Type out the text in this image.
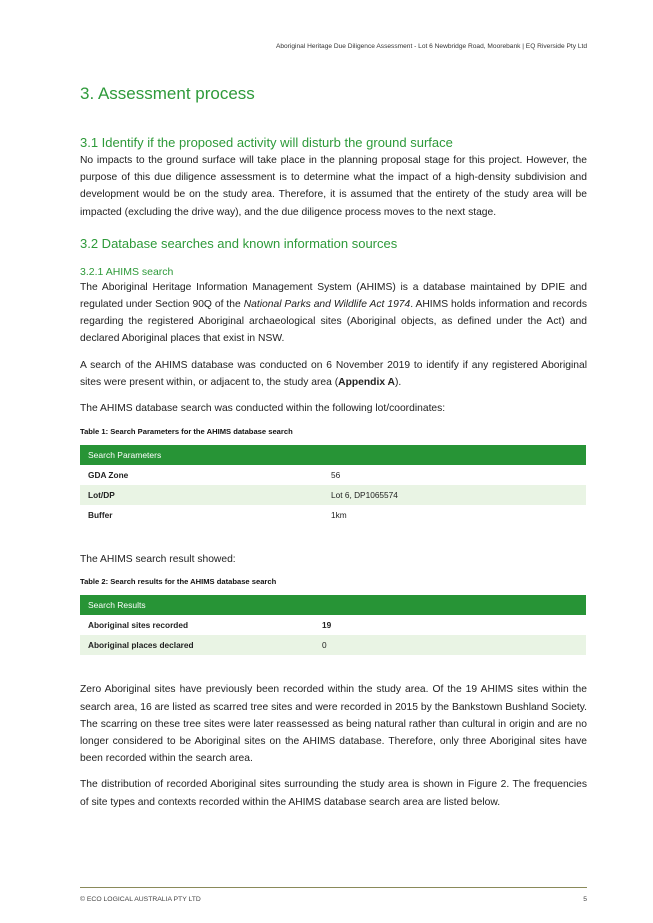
Aboriginal Heritage Due Diligence Assessment - Lot 6 Newbridge Road, Moorebank | EQ Riverside Pty Ltd
3. Assessment process
3.1 Identify if the proposed activity will disturb the ground surface

No impacts to the ground surface will take place in the planning proposal stage for this project. However, the purpose of this due diligence assessment is to determine what the impact of a high-density subdivision and development would be on the study area. Therefore, it is assumed that the entirety of the study area will be impacted (excluding the drive way), and the due diligence process moves to the next stage.

3.2 Database searches and known information sources
3.2.1 AHIMS search

The Aboriginal Heritage Information Management System (AHIMS) is a database maintained by DPIE and regulated under Section 90Q of the National Parks and Wildlife Act 1974. AHIMS holds information and records regarding the registered Aboriginal archaeological sites (Aboriginal objects, as defined under the Act) and declared Aboriginal places that exist in NSW.

A search of the AHIMS database was conducted on 6 November 2019 to identify if any registered Aboriginal sites were present within, or adjacent to, the study area (Appendix A).

The AHIMS database search was conducted within the following lot/coordinates:

Table 1: Search Parameters for the AHIMS database search

Search Parameters	
GDA Zone	56
Lot/DP	Lot 6, DP1065574
Buffer	1km

The AHIMS search result showed:

Table 2: Search results for the AHIMS database search

Search Results	
Aboriginal sites recorded	19
Aboriginal places declared	0

Zero Aboriginal sites have previously been recorded within the study area. Of the 19 AHIMS sites within the search area, 16 are listed as scarred tree sites and were recorded in 2015 by the Bankstown Bushland Society. The scarring on these tree sites were later reassessed as being natural rather than cultural in origin and are no longer considered to be Aboriginal sites on the AHIMS database. Therefore, only three Aboriginal sites have been recorded within the search area.

The distribution of recorded Aboriginal sites surrounding the study area is shown in Figure 2. The frequencies of site types and contexts recorded within the AHIMS database search area are listed below.

© ECO LOGICAL AUSTRALIA PTY LTD	5
